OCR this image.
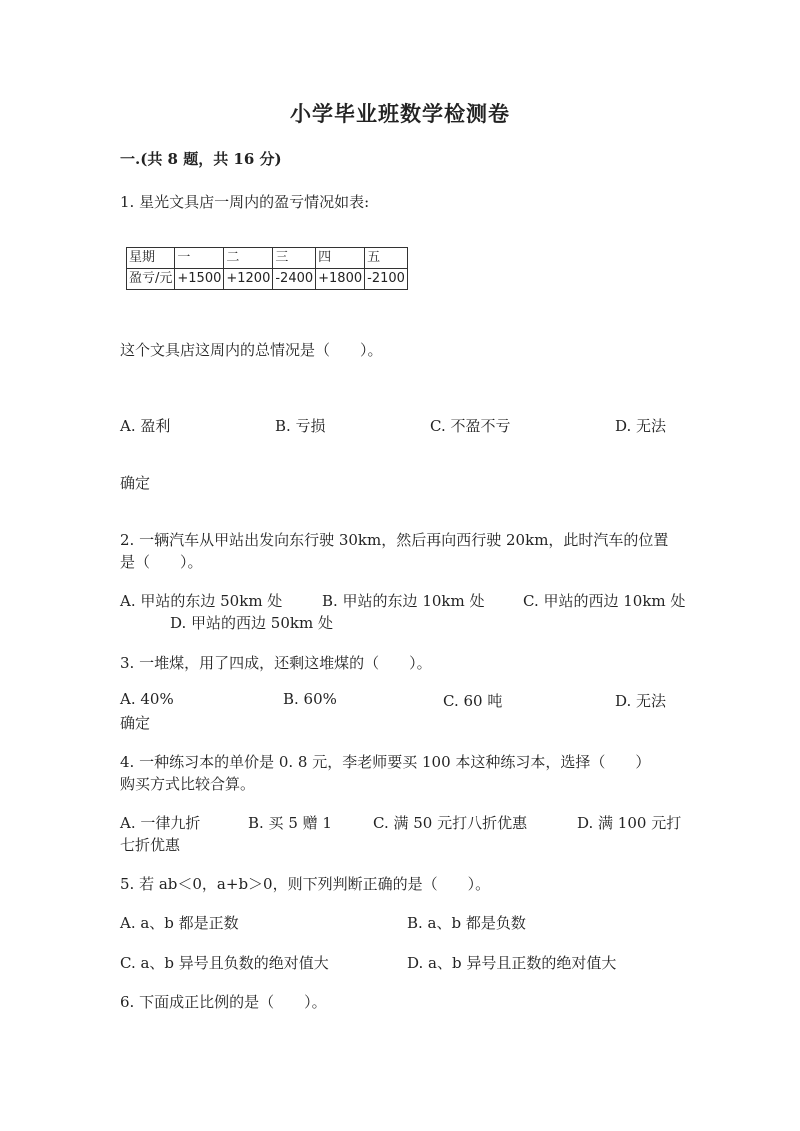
小学毕业班数学检测卷
一.(共 8 题，共 16 分)
1. 星光文具店一周内的盈亏情况如表:
星期	一	二	三	四	五
盈亏/元	+1500	+1200	-2400	+1800	-2100
这个文具店这周内的总情况是（　　）。
A. 盈利	B. 亏损	C. 不盈不亏	D. 无法
确定
2. 一辆汽车从甲站出发向东行驶 30km，然后再向西行驶 20km，此时汽车的位置
是（　　）。
A. 甲站的东边 50km 处	B. 甲站的东边 10km 处	C. 甲站的西边 10km 处
D. 甲站的西边 50km 处
3. 一堆煤，用了四成，还剩这堆煤的（　　）。
A. 40%	B. 60%	C. 60 吨	D. 无法
确定
4. 一种练习本的单价是 0. 8 元，李老师要买 100 本这种练习本，选择（　　）
购买方式比较合算。
A. 一律九折	B. 买 5 赠 1	C. 满 50 元打八折优惠	D. 满 100 元打
七折优惠
5. 若 ab＜0，a+b＞0，则下列判断正确的是（　　）。
A. a、b 都是正数	B. a、b 都是负数
C. a、b 异号且负数的绝对值大	D. a、b 异号且正数的绝对值大
6. 下面成正比例的是（　　）。
